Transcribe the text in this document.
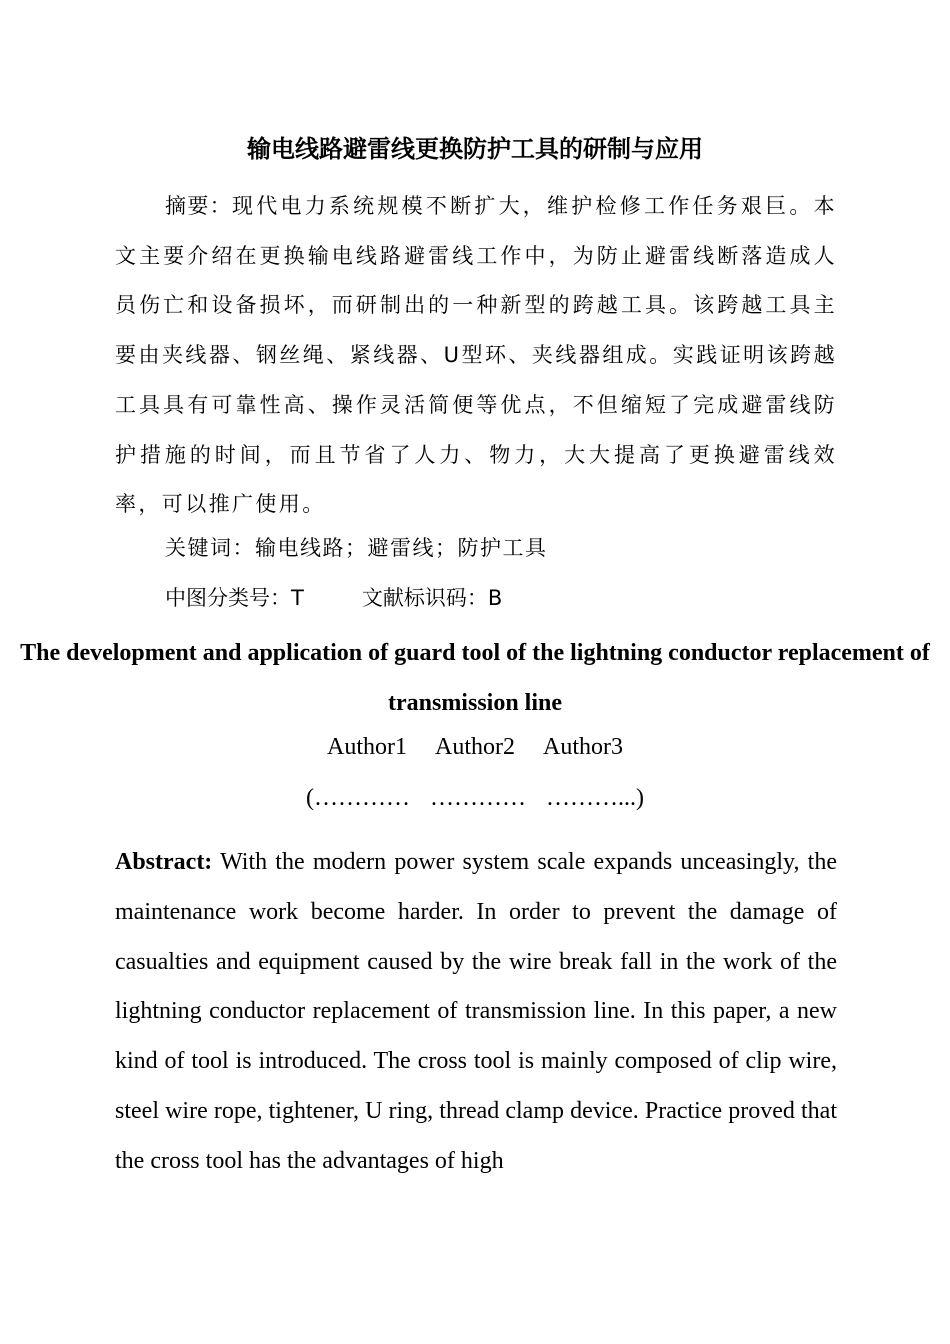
输电线路避雷线更换防护工具的研制与应用

摘要：现代电力系统规模不断扩大，维护检修工作任务艰巨。本文主要介绍在更换输电线路避雷线工作中，为防止避雷线断落造成人员伤亡和设备损坏，而研制出的一种新型的跨越工具。该跨越工具主要由夹线器、钢丝绳、紧线器、U型环、夹线器组成。实践证明该跨越工具具有可靠性高、操作灵活简便等优点，不但缩短了完成避雷线防护措施的时间，而且节省了人力、物力，大大提高了更换避雷线效率，可以推广使用。

关键词：输电线路；避雷线；防护工具
中图分类号：T	文献标识码：B
The development and application of guard tool of the lightning conductor replacement of transmission line
Author1 Author2 Author3
(………… ………… ………...)

Abstract: With the modern power system scale expands unceasingly, the maintenance work become harder. In order to prevent the damage of casualties and equipment caused by the wire break fall in the work of the lightning conductor replacement of transmission line. In this paper, a new kind of tool is introduced. The cross tool is mainly composed of clip wire, steel wire rope, tightener, U ring, thread clamp device. Practice proved that the cross tool has the advantages of high
